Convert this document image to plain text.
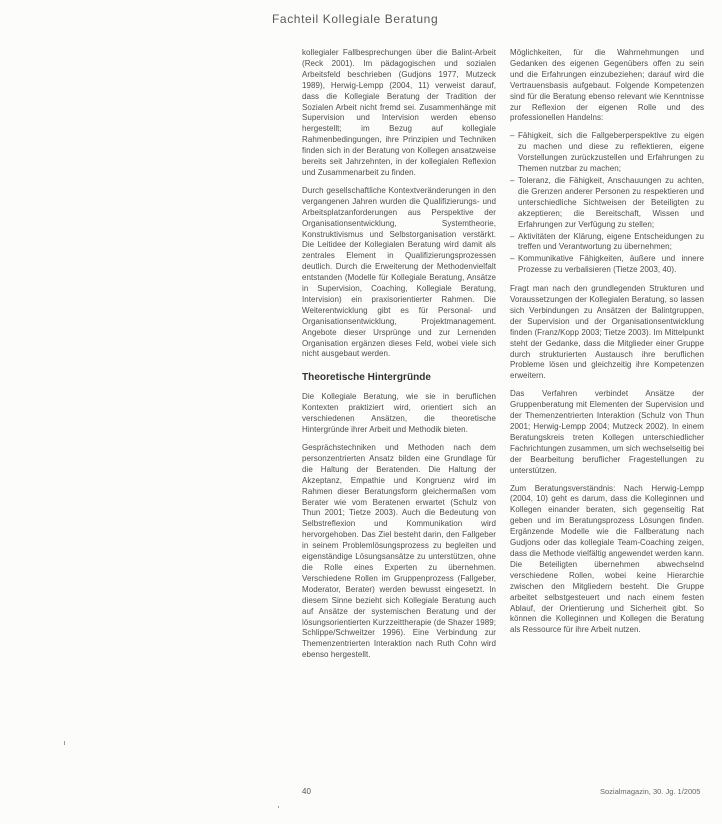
Fachteil Kollegiale Beratung

kollegialer Fallbesprechungen über die Balint-Arbeit (Reck 2001). Im pädagogischen und sozialen Arbeitsfeld beschrieben (Gudjons 1977, Mutzeck 1989), Herwig-Lempp (2004, 11) verweist darauf, dass die Kollegiale Beratung der Tradition der Sozialen Arbeit nicht fremd sei. Zusammenhänge mit Supervision und Intervision werden ebenso hergestellt; im Bezug auf kollegiale Rahmenbedingungen, ihre Prinzipien und Techniken finden sich in der Beratung von Kollegen ansatzweise bereits seit Jahrzehnten, in der kollegialen Reflexion und Zusammenarbeit zu finden.

Durch gesellschaftliche Kontextveränderungen in den vergangenen Jahren wurden die Qualifizierungs- und Arbeitsplatzanforderungen aus Perspektive der Organisationsentwicklung, Systemtheorie, Konstruktivismus und Selbstorganisation verstärkt. Die Leitidee der Kollegialen Beratung wird damit als zentrales Element in Qualifizierungsprozessen deutlich. Durch die Erweiterung der Methodenvielfalt entstanden (Modelle für Kollegiale Beratung, Ansätze in Supervision, Coaching, Kollegiale Beratung, Intervision) ein praxisorientierter Rahmen. Die Weiterentwicklung gibt es für Personal- und Organisationsentwicklung, Projektmanagement. Angebote dieser Ursprünge und zur Lernenden Organisation ergänzen dieses Feld, wobei viele sich nicht ausgebaut werden.

Theoretische Hintergründe

Die Kollegiale Beratung, wie sie in beruflichen Kontexten praktiziert wird, orientiert sich an verschiedenen Ansätzen, die theoretische Hintergründe ihrer Arbeit und Methodik bieten.

Gesprächstechniken und Methoden nach dem personzentrierten Ansatz bilden eine Grundlage für die Haltung der Beratenden. Die Haltung der Akzeptanz, Empathie und Kongruenz wird im Rahmen dieser Beratungsform gleichermaßen vom Berater wie vom Beratenen erwartet (Schulz von Thun 2001; Tietze 2003). Auch die Bedeutung von Selbstreflexion und Kommunikation wird hervorgehoben. Das Ziel besteht darin, den Fallgeber in seinem Problemlösungsprozess zu begleiten und eigenständige Lösungsansätze zu unterstützen, ohne die Rolle eines Experten zu übernehmen. Verschiedene Rollen im Gruppenprozess (Fallgeber, Moderator, Berater) werden bewusst eingesetzt. In diesem Sinne bezieht sich Kollegiale Beratung auch auf Ansätze der systemischen Beratung und der lösungsorientierten Kurzzeittherapie (de Shazer 1989; Schlippe/Schweitzer 1996). Eine Verbindung zur Themenzentrierten Interaktion nach Ruth Cohn wird ebenso hergestellt.

Möglichkeiten, für die Wahrnehmungen und Gedanken des eigenen Gegenübers offen zu sein und die Erfahrungen einzubeziehen; darauf wird die Vertrauensbasis aufgebaut. Folgende Kompetenzen sind für die Beratung ebenso relevant wie Kenntnisse zur Reflexion der eigenen Rolle und des professionellen Handelns:

– Fähigkeit, sich die Fallgeberperspektive zu eigen zu machen und diese zu reflektieren, eigene Vorstellungen zurückzustellen und Erfahrungen zu Themen nutzbar zu machen;
– Toleranz, die Fähigkeit, Anschauungen zu achten, die Grenzen anderer Personen zu respektieren und unterschiedliche Sichtweisen der Beteiligten zu akzeptieren; die Bereitschaft, Wissen und Erfahrungen zur Verfügung zu stellen;
– Aktivitäten der Klärung, eigene Entscheidungen zu treffen und Verantwortung zu übernehmen;
– Kommunikative Fähigkeiten, äußere und innere Prozesse zu verbalisieren (Tietze 2003, 40).

Fragt man nach den grundlegenden Strukturen und Voraussetzungen der Kollegialen Beratung, so lassen sich Verbindungen zu Ansätzen der Balintgruppen, der Supervision und der Organisationsentwicklung finden (Franz/Kopp 2003; Tietze 2003). Im Mittelpunkt steht der Gedanke, dass die Mitglieder einer Gruppe durch strukturierten Austausch ihre beruflichen Probleme lösen und gleichzeitig ihre Kompetenzen erweitern.

Das Verfahren verbindet Ansätze der Gruppenberatung mit Elementen der Supervision und der Themenzentrierten Interaktion (Schulz von Thun 2001; Herwig-Lempp 2004; Mutzeck 2002). In einem Beratungskreis treten Kollegen unterschiedlicher Fachrichtungen zusammen, um sich wechselseitig bei der Bearbeitung beruflicher Fragestellungen zu unterstützen.

Zum Beratungsverständnis: Nach Herwig-Lempp (2004, 10) geht es darum, dass die Kolleginnen und Kollegen einander beraten, sich gegenseitig Rat geben und im Beratungsprozess Lösungen finden. Ergänzende Modelle wie die Fallberatung nach Gudjons oder das kollegiale Team-Coaching zeigen, dass die Methode vielfältig angewendet werden kann. Die Beteiligten übernehmen abwechselnd verschiedene Rollen, wobei keine Hierarchie zwischen den Mitgliedern besteht. Die Gruppe arbeitet selbstgesteuert und nach einem festen Ablauf, der Orientierung und Sicherheit gibt. So können die Kolleginnen und Kollegen die Beratung als Ressource für ihre Arbeit nutzen.

40	Sozialmagazin, 30. Jg. 1/2005
